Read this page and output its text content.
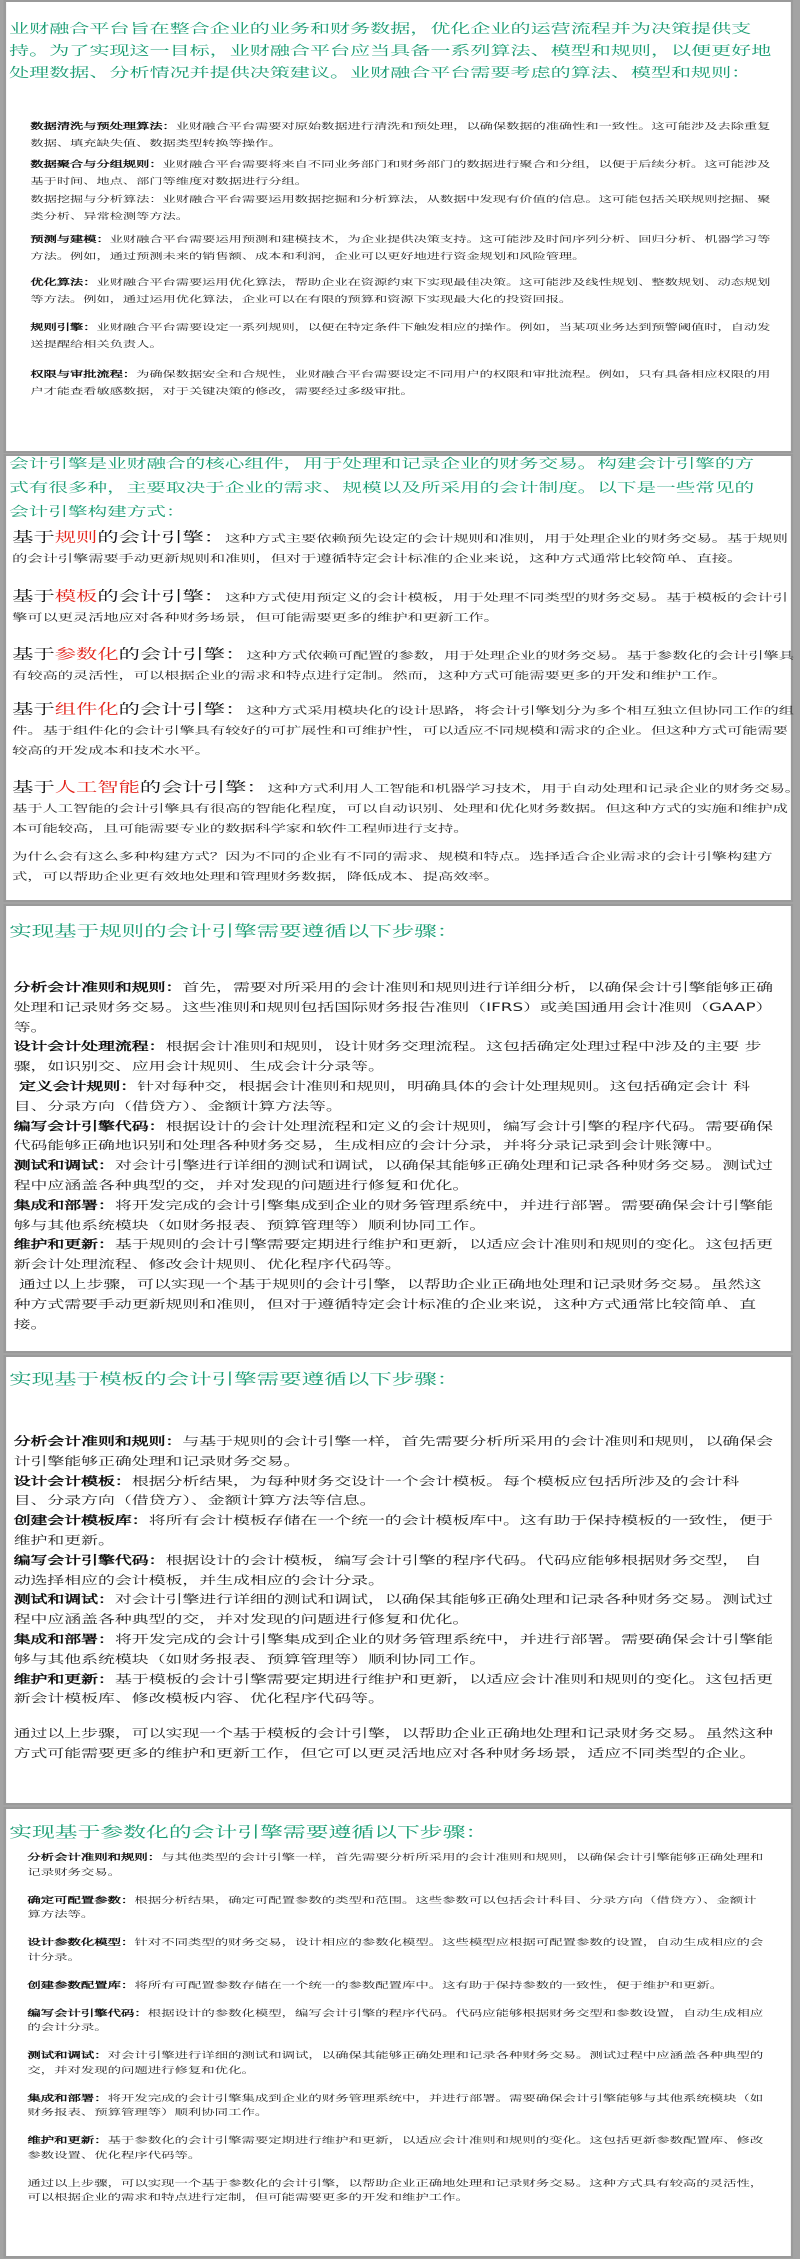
业财融合平台旨在整合企业的业务和财务数据，优化企业的运营流程并为决策提供支持。为了实现这一目标，业财融合平台应当具备一系列算法、模型和规则，以便更好地处理数据、分析情况并提供决策建议。业财融合平台需要考虑的算法、模型和规则：

数据清洗与预处理算法：业财融合平台需要对原始数据进行清洗和预处理，以确保数据的准确性和一致性。这可能涉及去除重复数据、填充缺失值、数据类型转换等操作。

数据聚合与分组规则：业财融合平台需要将来自不同业务部门和财务部门的数据进行聚合和分组，以便于后续分析。这可能涉及基于时间、地点、部门等维度对数据进行分组。

数据挖掘与分析算法：业财融合平台需要运用数据挖掘和分析算法，从数据中发现有价值的信息。这可能包括关联规则挖掘、聚类分析、异常检测等方法。

预测与建模：业财融合平台需要运用预测和建模技术，为企业提供决策支持。这可能涉及时间序列分析、回归分析、机器学习等方法。例如，通过预测未来的销售额、成本和利润，企业可以更好地进行资金规划和风险管理。

优化算法：业财融合平台需要运用优化算法，帮助企业在资源约束下实现最佳决策。这可能涉及线性规划、整数规划、动态规划等方法。例如，通过运用优化算法，企业可以在有限的预算和资源下实现最大化的投资回报。

规则引擎：业财融合平台需要设定一系列规则，以便在特定条件下触发相应的操作。例如，当某项业务达到预警阈值时，自动发送提醒给相关负责人。

权限与审批流程：为确保数据安全和合规性，业财融合平台需要设定不同用户的权限和审批流程。例如，只有具备相应权限的用户才能查看敏感数据，对于关键决策的修改，需要经过多级审批。

会计引擎是业财融合的核心组件，用于处理和记录企业的财务交易。构建会计引擎的方式有很多种，主要取决于企业的需求、规模以及所采用的会计制度。以下是一些常见的会计引擎构建方式：

基于规则的会计引擎：这种方式主要依赖预先设定的会计规则和准则，用于处理企业的财务交易。基于规则的会计引擎需要手动更新规则和准则，但对于遵循特定会计标准的企业来说，这种方式通常比较简单、直接。

基于模板的会计引擎：这种方式使用预定义的会计模板，用于处理不同类型的财务交易。基于模板的会计引擎可以更灵活地应对各种财务场景，但可能需要更多的维护和更新工作。

基于参数化的会计引擎：这种方式依赖可配置的参数，用于处理企业的财务交易。基于参数化的会计引擎具有较高的灵活性，可以根据企业的需求和特点进行定制。然而，这种方式可能需要更多的开发和维护工作。

基于组件化的会计引擎：这种方式采用模块化的设计思路，将会计引擎划分为多个相互独立但协同工作的组件。基于组件化的会计引擎具有较好的可扩展性和可维护性，可以适应不同规模和需求的企业。但这种方式可能需要较高的开发成本和技术水平。

基于人工智能的会计引擎：这种方式利用人工智能和机器学习技术，用于自动处理和记录企业的财务交易。基于人工智能的会计引擎具有很高的智能化程度，可以自动识别、处理和优化财务数据。但这种方式的实施和维护成本可能较高，且可能需要专业的数据科学家和软件工程师进行支持。

为什么会有这么多种构建方式？因为不同的企业有不同的需求、规模和特点。选择适合企业需求的会计引擎构建方式，可以帮助企业更有效地处理和管理财务数据，降低成本、提高效率。

实现基于规则的会计引擎需要遵循以下步骤：

分析会计准则和规则：首先，需要对所采用的会计准则和规则进行详细分析，以确保会计引擎能够正确处理和记录财务交易。这些准则和规则包括国际财务报告准则（IFRS）或美国通用会计准则（GAAP）等。

设计会计处理流程：根据会计准则和规则，设计财务交理流程。这包括确定处理过程中涉及的主要 步骤，如识别交、应用会计规则、生成会计分录等。

定义会计规则：针对每种交，根据会计准则和规则，明确具体的会计处理规则。这包括确定会计 科目、分录方向（借贷方）、金额计算方法等。

编写会计引擎代码：根据设计的会计处理流程和定义的会计规则，编写会计引擎的程序代码。需要确保代码能够正确地识别和处理各种财务交易，生成相应的会计分录，并将分录记录到会计账簿中。

测试和调试：对会计引擎进行详细的测试和调试，以确保其能够正确处理和记录各种财务交易。测试过程中应涵盖各种典型的交，并对发现的问题进行修复和优化。

集成和部署：将开发完成的会计引擎集成到企业的财务管理系统中，并进行部署。需要确保会计引擎能够与其他系统模块（如财务报表、预算管理等）顺利协同工作。

维护和更新：基于规则的会计引擎需要定期进行维护和更新，以适应会计准则和规则的变化。这包括更新会计处理流程、修改会计规则、优化程序代码等。

通过以上步骤，可以实现一个基于规则的会计引擎，以帮助企业正确地处理和记录财务交易。虽然这种方式需要手动更新规则和准则，但对于遵循特定会计标准的企业来说，这种方式通常比较简单、直接。

实现基于模板的会计引擎需要遵循以下步骤：

分析会计准则和规则：与基于规则的会计引擎一样，首先需要分析所采用的会计准则和规则，以确保会计引擎能够正确处理和记录财务交易。

设计会计模板：根据分析结果，为每种财务交设计一个会计模板。每个模板应包括所涉及的会计科 目、分录方向（借贷方）、金额计算方法等信息。

创建会计模板库：将所有会计模板存储在一个统一的会计模板库中。这有助于保持模板的一致性，便于维护和更新。

编写会计引擎代码：根据设计的会计模板，编写会计引擎的程序代码。代码应能够根据财务交型， 自动选择相应的会计模板，并生成相应的会计分录。

测试和调试：对会计引擎进行详细的测试和调试，以确保其能够正确处理和记录各种财务交易。测试过程中应涵盖各种典型的交，并对发现的问题进行修复和优化。

集成和部署：将开发完成的会计引擎集成到企业的财务管理系统中，并进行部署。需要确保会计引擎能够与其他系统模块（如财务报表、预算管理等）顺利协同工作。

维护和更新：基于模板的会计引擎需要定期进行维护和更新，以适应会计准则和规则的变化。这包括更新会计模板库、修改模板内容、优化程序代码等。

通过以上步骤，可以实现一个基于模板的会计引擎，以帮助企业正确地处理和记录财务交易。虽然这种方式可能需要更多的维护和更新工作，但它可以更灵活地应对各种财务场景，适应不同类型的企业。

实现基于参数化的会计引擎需要遵循以下步骤：

分析会计准则和规则：与其他类型的会计引擎一样，首先需要分析所采用的会计准则和规则，以确保会计引擎能够正确处理和记录财务交易。

确定可配置参数：根据分析结果，确定可配置参数的类型和范围。这些参数可以包括会计科目、分录方向（借贷方）、金额计算方法等。

设计参数化模型：针对不同类型的财务交易，设计相应的参数化模型。这些模型应根据可配置参数的设置，自动生成相应的会计分录。

创建参数配置库：将所有可配置参数存储在一个统一的参数配置库中。这有助于保持参数的一致性，便于维护和更新。

编写会计引擎代码：根据设计的参数化模型，编写会计引擎的程序代码。代码应能够根据财务交型和参数设置，自动生成相应的会计分录。

测试和调试：对会计引擎进行详细的测试和调试，以确保其能够正确处理和记录各种财务交易。测试过程中应涵盖各种典型的交，并对发现的问题进行修复和优化。

集成和部署：将开发完成的会计引擎集成到企业的财务管理系统中，并进行部署。需要确保会计引擎能够与其他系统模块（如财务报表、预算管理等）顺利协同工作。

维护和更新：基于参数化的会计引擎需要定期进行维护和更新，以适应会计准则和规则的变化。这包括更新参数配置库、修改参数设置、优化程序代码等。

通过以上步骤，可以实现一个基于参数化的会计引擎，以帮助企业正确地处理和记录财务交易。这种方式具有较高的灵活性，可以根据企业的需求和特点进行定制，但可能需要更多的开发和维护工作。
